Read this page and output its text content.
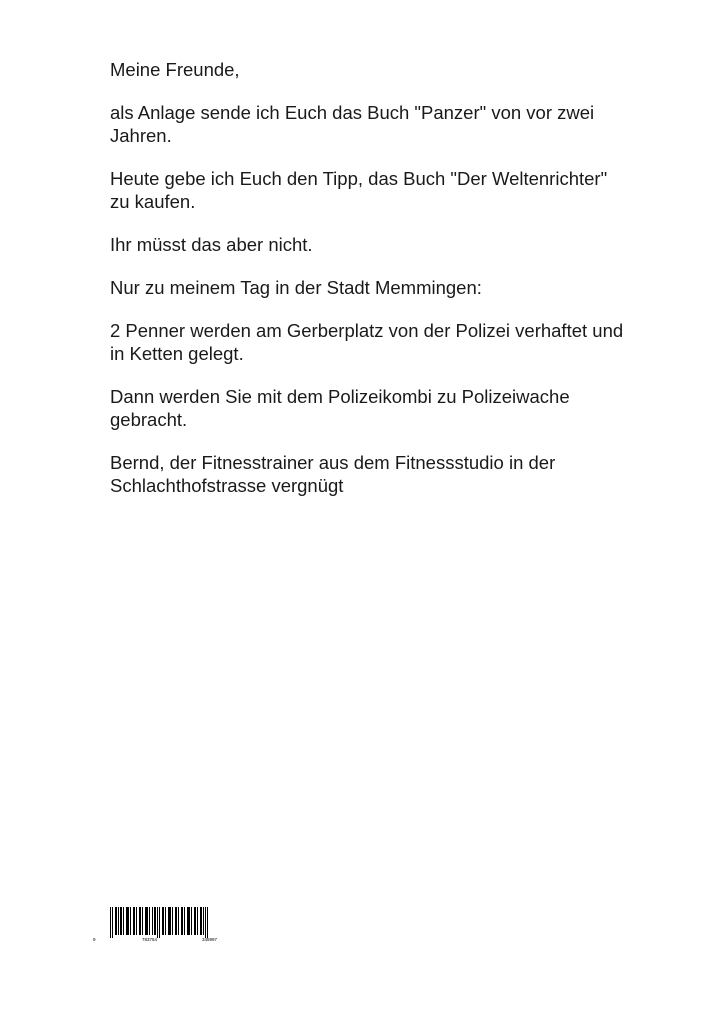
Meine Freunde,

als Anlage sende ich Euch das Buch "Panzer" von vor zwei Jahren.

Heute gebe ich Euch den Tipp, das Buch "Der Weltenrichter" zu kaufen.

Ihr müsst das aber nicht.

Nur zu meinem Tag in der Stadt Memmingen:

2 Penner werden am Gerberplatz von der Polizei verhaftet und in Ketten gelegt.

Dann werden Sie mit dem Polizeikombi zu Polizeiwache gebracht.

Bernd, der Fitnesstrainer aus dem Fitnessstudio in der Schlachthofstrasse vergnügt

9	783754	345997
